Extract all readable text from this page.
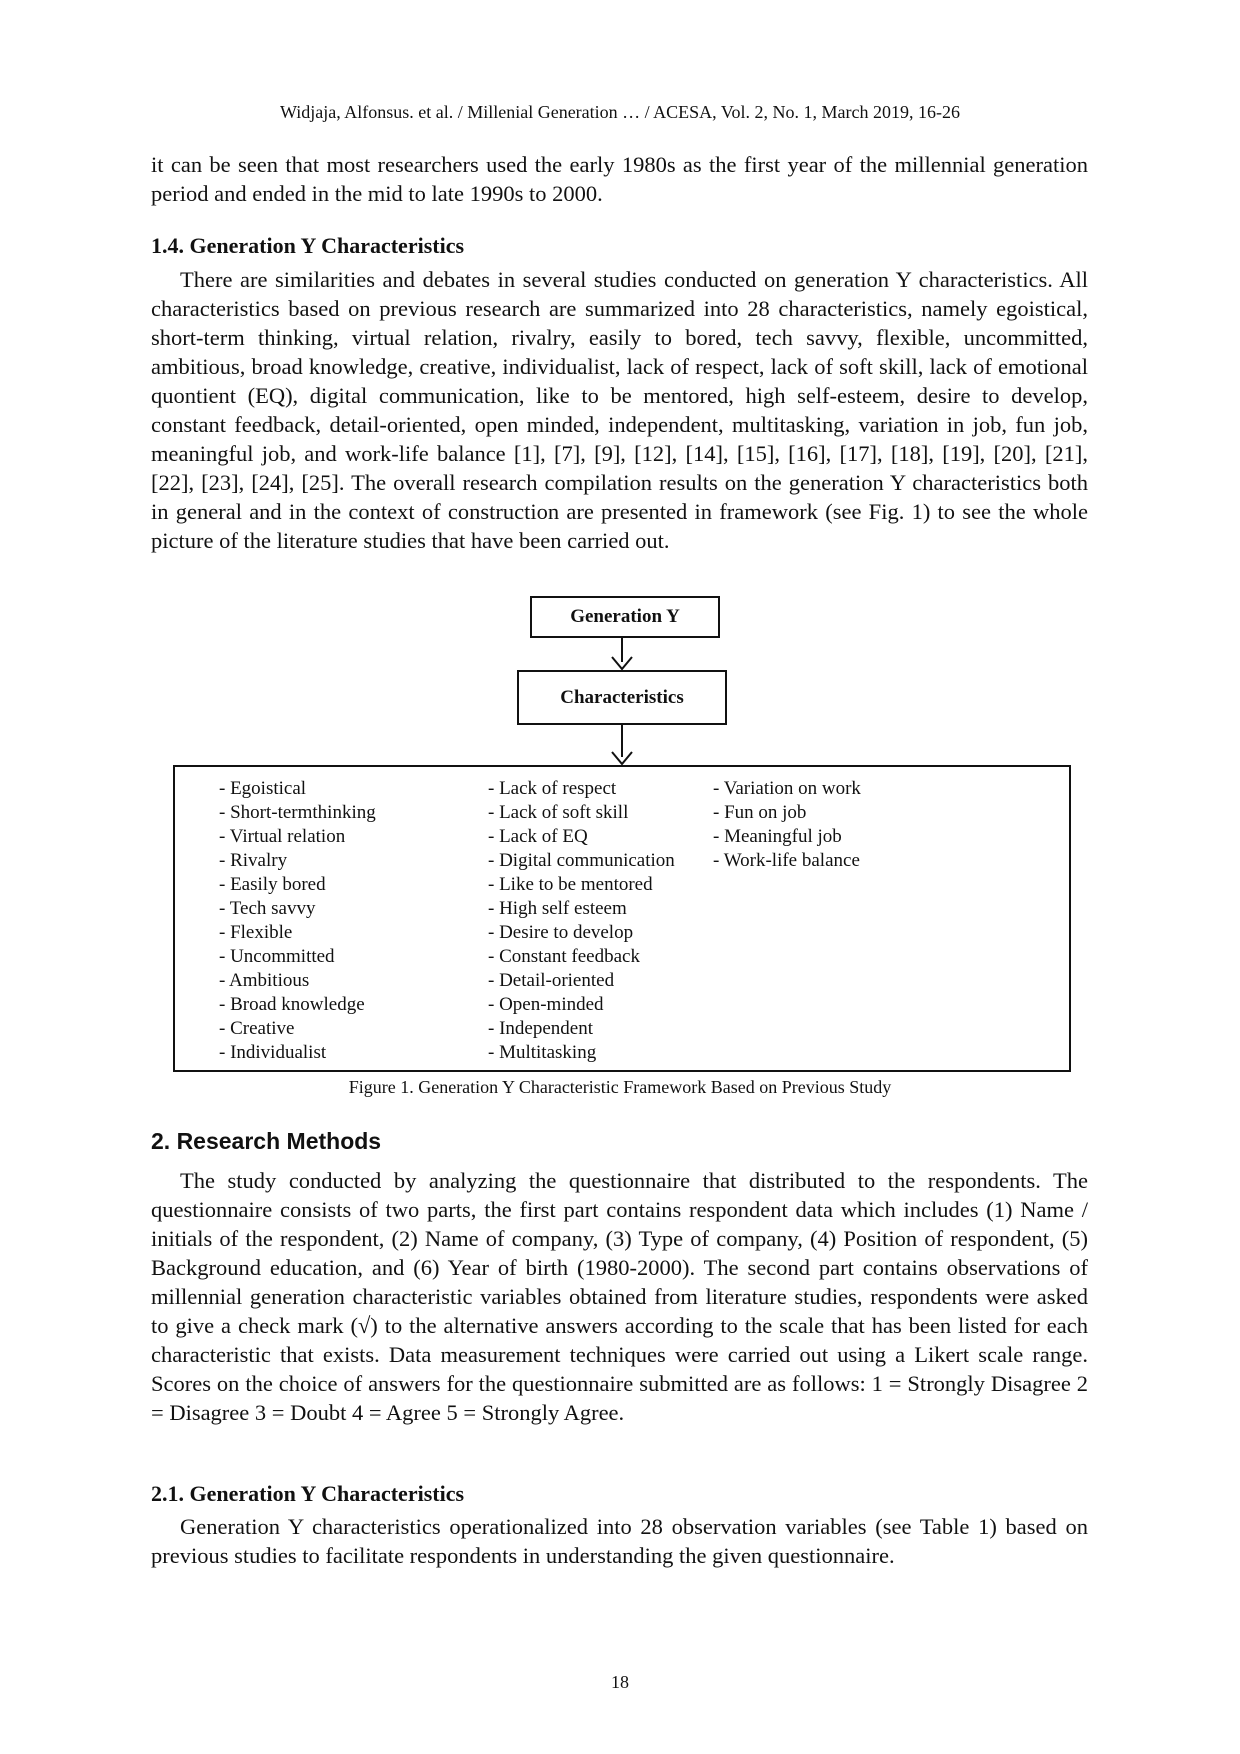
Widjaja, Alfonsus. et al. / Millenial Generation … / ACESA, Vol. 2, No. 1, March 2019, 16-26

it can be seen that most researchers used the early 1980s as the first year of the millennial generation period and ended in the mid to late 1990s to 2000.

1.4. Generation Y Characteristics

There are similarities and debates in several studies conducted on generation Y characteristics. All characteristics based on previous research are summarized into 28 characteristics, namely egoistical, short-term thinking, virtual relation, rivalry, easily to bored, tech savvy, flexible, uncommitted, ambitious, broad knowledge, creative, individualist, lack of respect, lack of soft skill, lack of emotional quontient (EQ), digital communication, like to be mentored, high self-esteem, desire to develop, constant feedback, detail-oriented, open minded, independent, multitasking, variation in job, fun job, meaningful job, and work-life balance [1], [7], [9], [12], [14], [15], [16], [17], [18], [19], [20], [21], [22], [23], [24], [25]. The overall research compilation results on the generation Y characteristics both in general and in the context of construction are presented in framework (see Fig. 1) to see the whole picture of the literature studies that have been carried out.

Generation Y
Characteristics
- Egoistical
- Short-termthinking
- Virtual relation
- Rivalry
- Easily bored
- Tech savvy
- Flexible
- Uncommitted
- Ambitious
- Broad knowledge
- Creative
- Individualist
- Lack of respect
- Lack of soft skill
- Lack of EQ
- Digital communication
- Like to be mentored
- High self esteem
- Desire to develop
- Constant feedback
- Detail-oriented
- Open-minded
- Independent
- Multitasking
- Variation on work
- Fun on job
- Meaningful job
- Work-life balance
Figure 1. Generation Y Characteristic Framework Based on Previous Study
2. Research Methods

The study conducted by analyzing the questionnaire that distributed to the respondents. The questionnaire consists of two parts, the first part contains respondent data which includes (1) Name / initials of the respondent, (2) Name of company, (3) Type of company, (4) Position of respondent, (5) Background education, and (6) Year of birth (1980-2000). The second part contains observations of millennial generation characteristic variables obtained from literature studies, respondents were asked to give a check mark (√) to the alternative answers according to the scale that has been listed for each characteristic that exists. Data measurement techniques were carried out using a Likert scale range. Scores on the choice of answers for the questionnaire submitted are as follows: 1 = Strongly Disagree 2 = Disagree 3 = Doubt 4 = Agree 5 = Strongly Agree.

2.1. Generation Y Characteristics

Generation Y characteristics operationalized into 28 observation variables (see Table 1) based on previous studies to facilitate respondents in understanding the given questionnaire.

18
